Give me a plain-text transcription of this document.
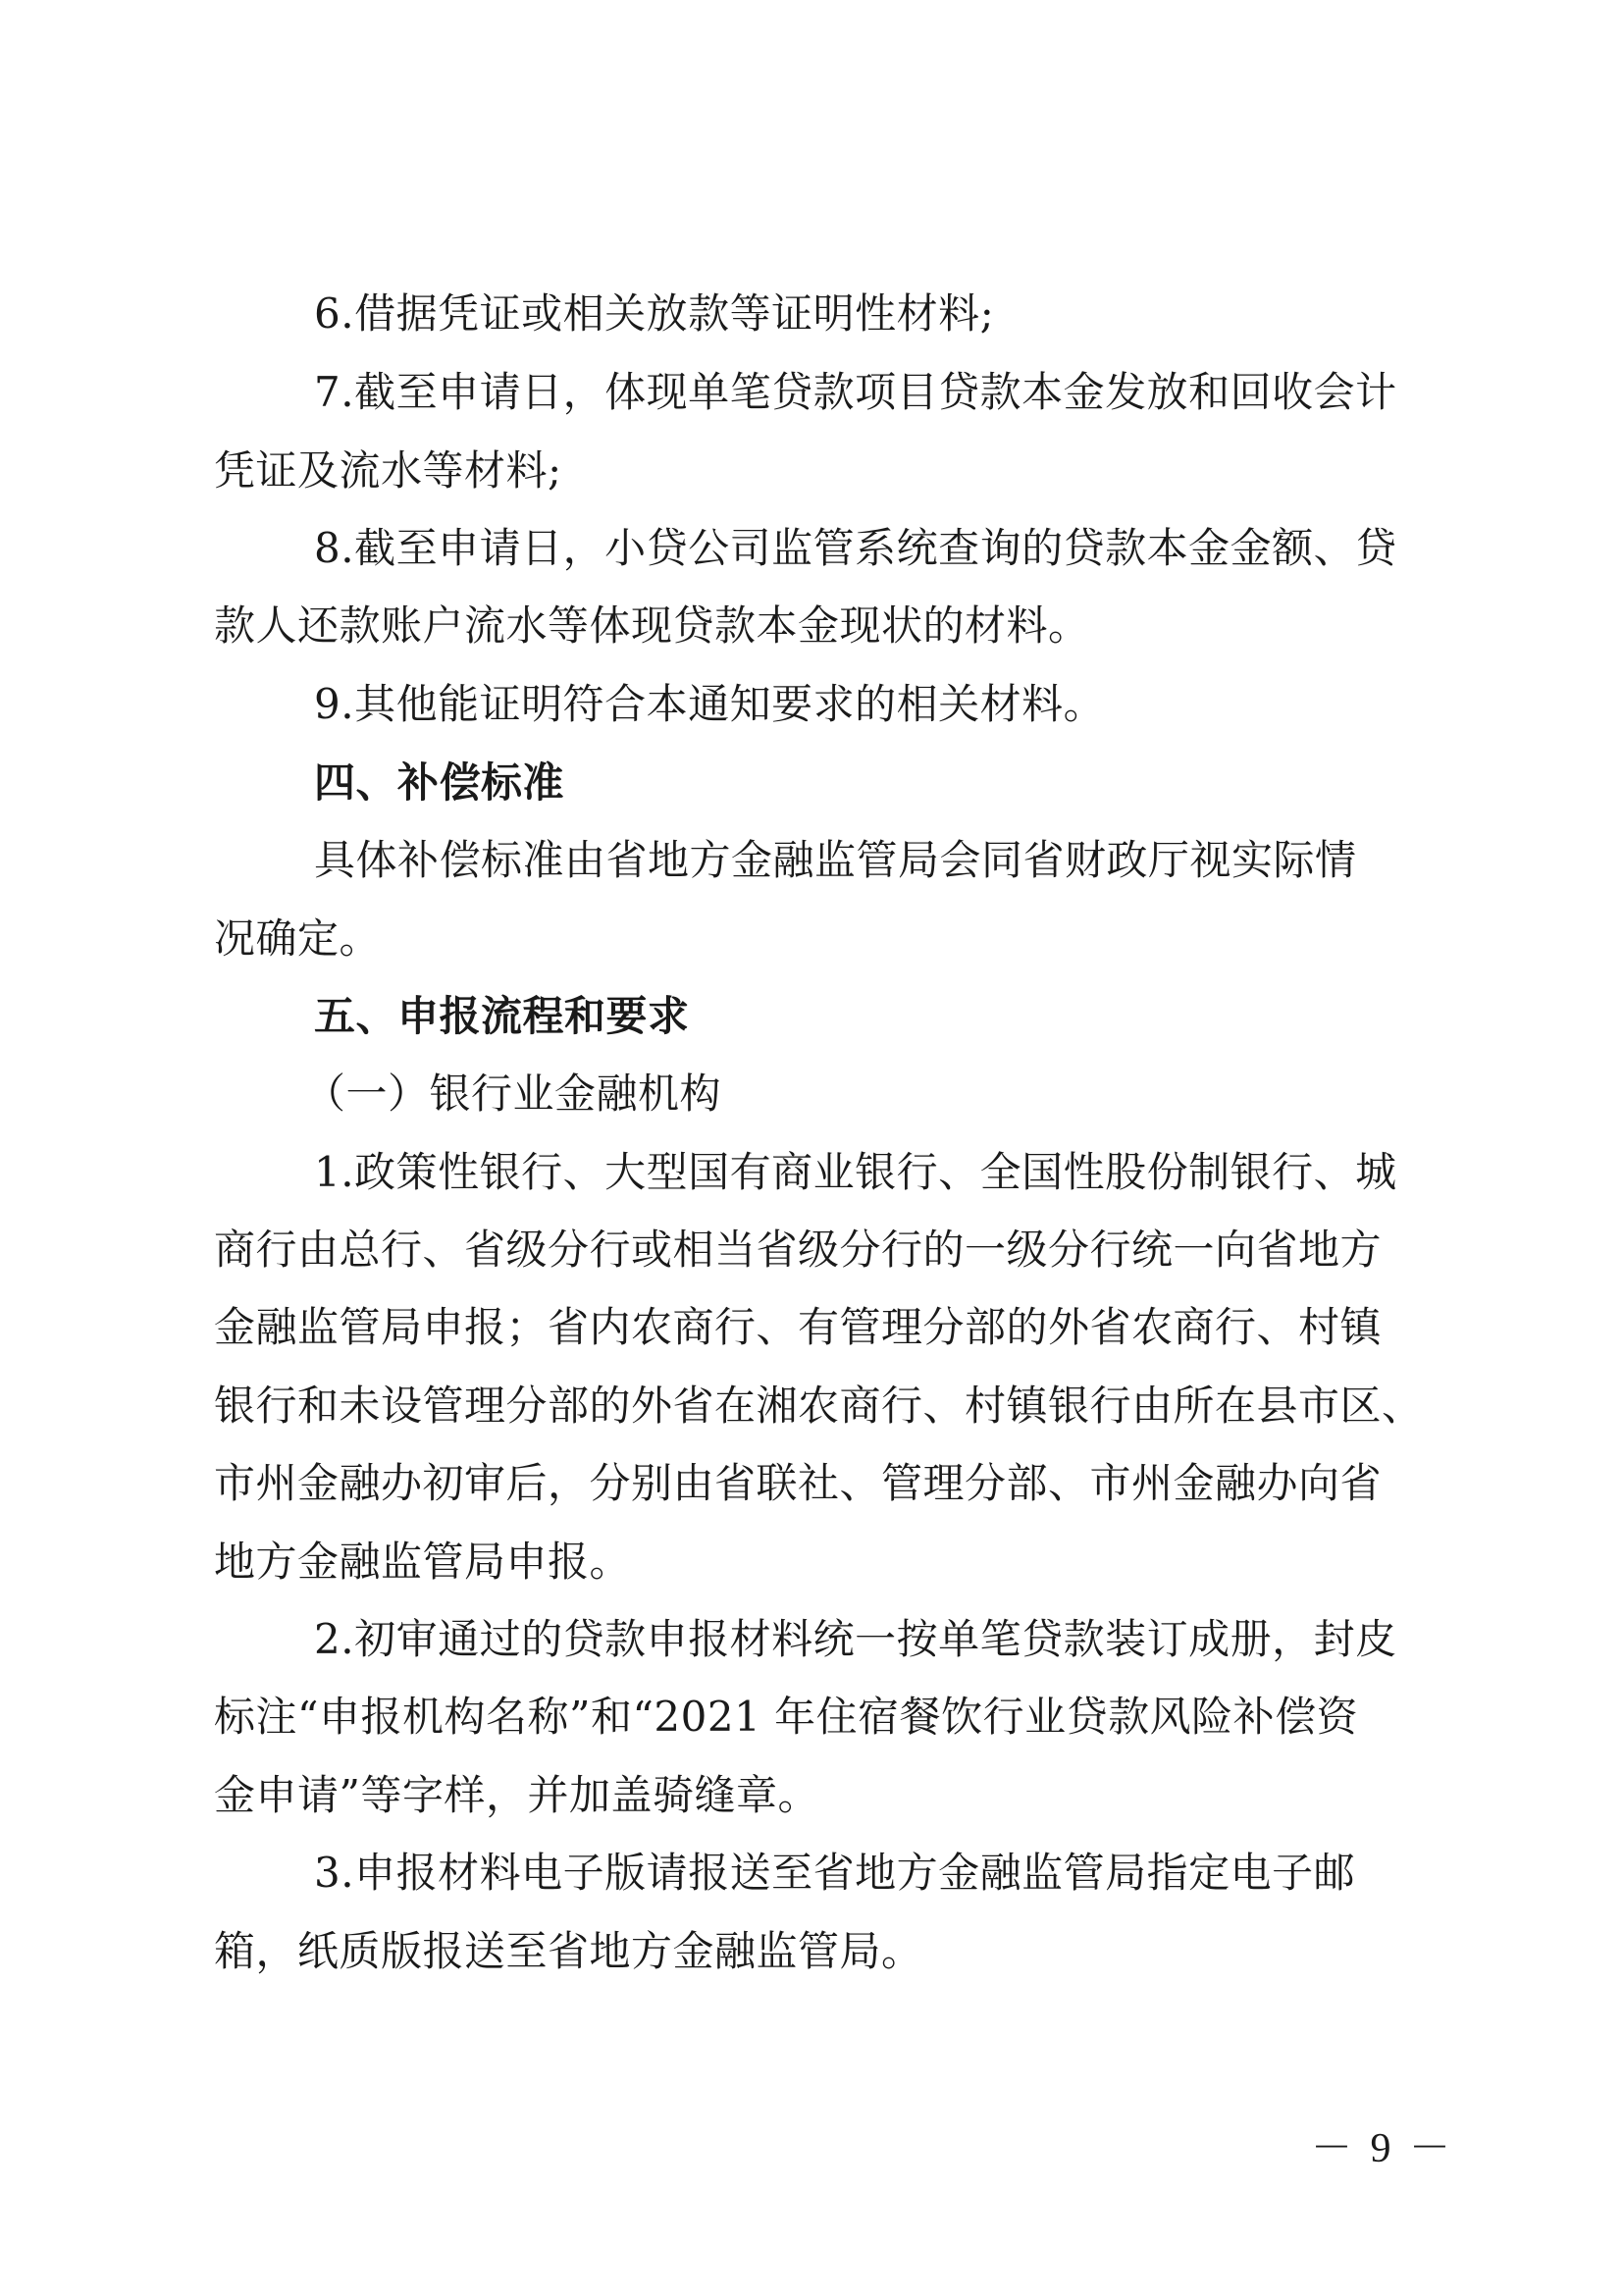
6.借据凭证或相关放款等证明性材料;

7.截至申请日，体现单笔贷款项目贷款本金发放和回收会计

凭证及流水等材料;

8.截至申请日，小贷公司监管系统查询的贷款本金金额、贷

款人还款账户流水等体现贷款本金现状的材料。

9.其他能证明符合本通知要求的相关材料。

四、补偿标准

具体补偿标准由省地方金融监管局会同省财政厅视实际情

况确定。

五、申报流程和要求

（一）银行业金融机构

1.政策性银行、大型国有商业银行、全国性股份制银行、城

商行由总行、省级分行或相当省级分行的一级分行统一向省地方

金融监管局申报；省内农商行、有管理分部的外省农商行、村镇

银行和未设管理分部的外省在湘农商行、村镇银行由所在县市区、

市州金融办初审后，分别由省联社、管理分部、市州金融办向省

地方金融监管局申报。

2.初审通过的贷款申报材料统一按单笔贷款装订成册，封皮

标注“申报机构名称”和“2021 年住宿餐饮行业贷款风险补偿资

金申请”等字样，并加盖骑缝章。

3.申报材料电子版请报送至省地方金融监管局指定电子邮

箱，纸质版报送至省地方金融监管局。

－ 9 －
